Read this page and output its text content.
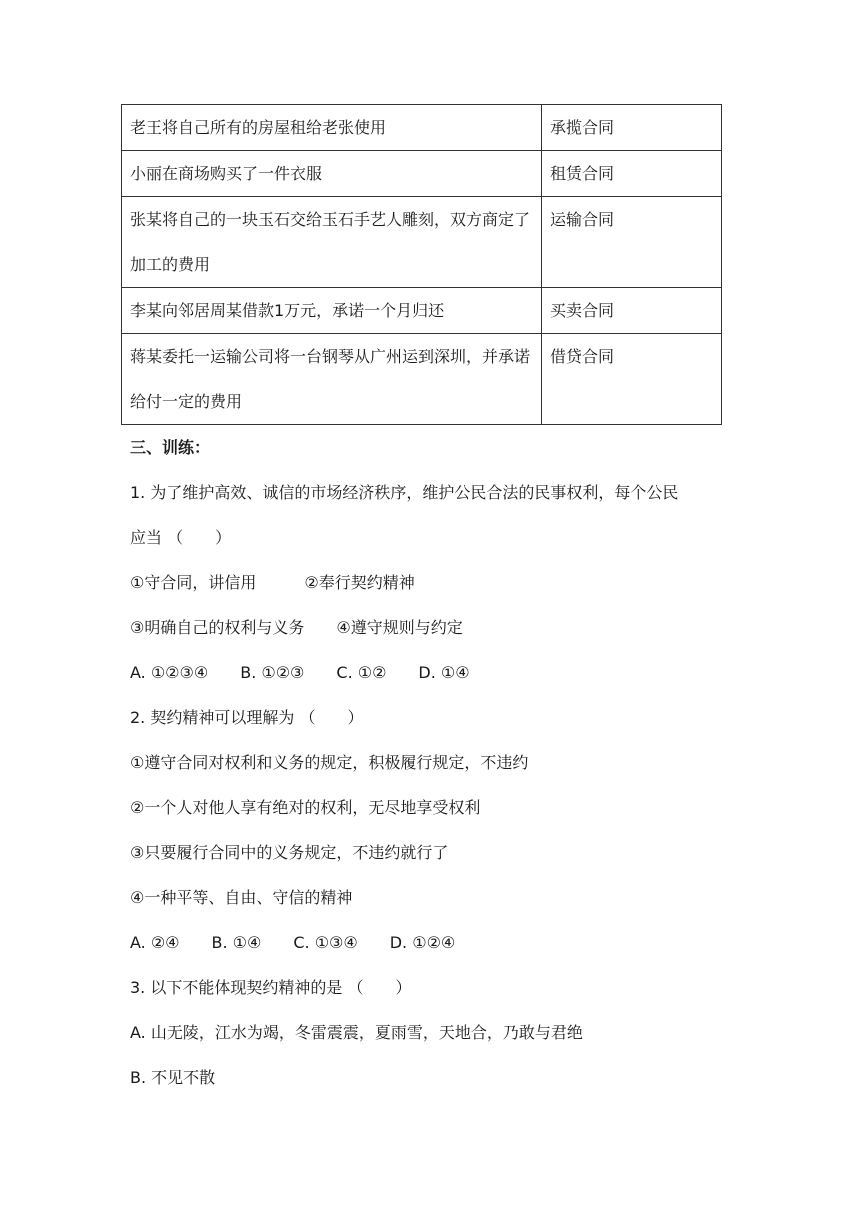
老王将自己所有的房屋租给老张使用	承揽合同
小丽在商场购买了一件衣服	租赁合同
张某将自己的一块玉石交给玉石手艺人雕刻，双方商定了加工的费用	运输合同
李某向邻居周某借款1万元，承诺一个月归还	买卖合同
蒋某委托一运输公司将一台钢琴从广州运到深圳，并承诺给付一定的费用	借贷合同
三、训练：
1. 为了维护高效、诚信的市场经济秩序，维护公民合法的民事权利，每个公民
应当 （　　）
①守合同，讲信用　　　②奉行契约精神
③明确自己的权利与义务　　④遵守规则与约定
A. ①②③④　　B. ①②③　　C. ①②　　D. ①④
2. 契约精神可以理解为 （　　）
①遵守合同对权利和义务的规定，积极履行规定，不违约
②一个人对他人享有绝对的权利，无尽地享受权利
③只要履行合同中的义务规定，不违约就行了
④一种平等、自由、守信的精神
A. ②④　　B. ①④　　C. ①③④　　D. ①②④
3. 以下不能体现契约精神的是 （　　）
A. 山无陵，江水为竭，冬雷震震，夏雨雪，天地合，乃敢与君绝
B. 不见不散
